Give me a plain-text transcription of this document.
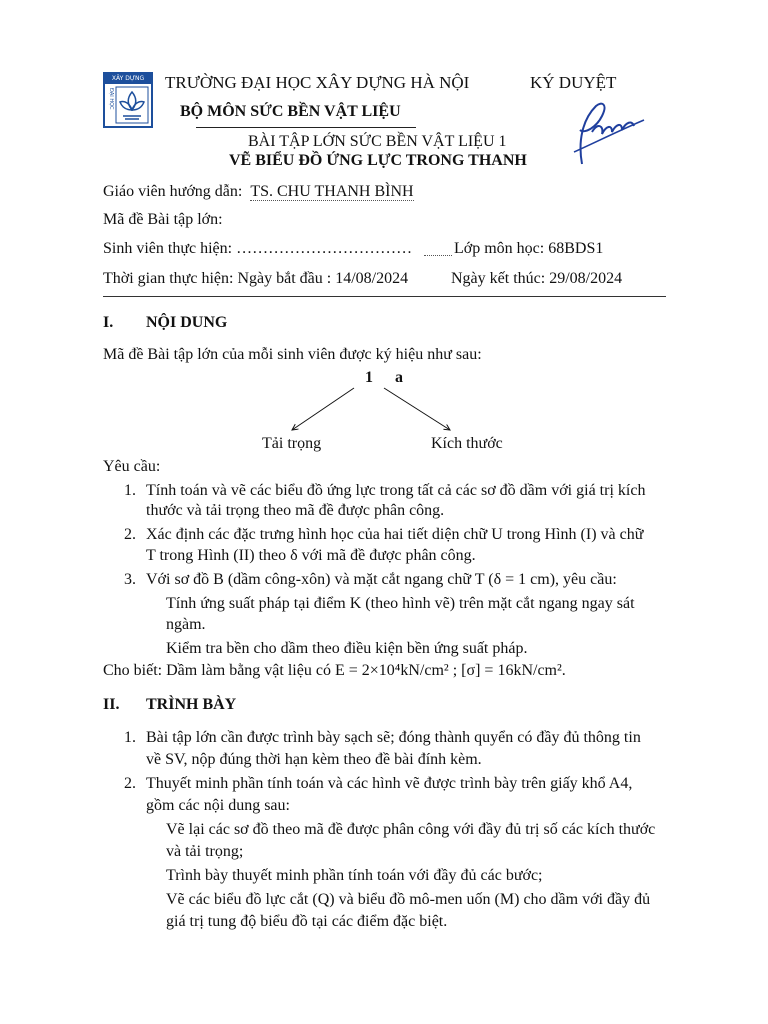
XÂY DỰNG
ĐẠI HỌC
TRƯỜNG ĐẠI HỌC XÂY DỰNG HÀ NỘI	KÝ DUYỆT
BỘ MÔN SỨC BỀN VẬT LIỆU
BÀI TẬP LỚN SỨC BỀN VẬT LIỆU 1
VẼ BIỂU ĐỒ ỨNG LỰC TRONG THANH
Giáo viên hướng dẫn: TS. CHU THANH BÌNH
Mã đề Bài tập lớn:
Sinh viên thực hiện: ……………………………	Lớp môn học: 68BDS1
Thời gian thực hiện: Ngày bắt đầu : 14/08/2024	Ngày kết thúc: 29/08/2024
I. NỘI DUNG
Mã đề Bài tập lớn của mỗi sinh viên được ký hiệu như sau:
1 a
Tải trọng	Kích thước
Yêu cầu:
1. Tính toán và vẽ các biểu đồ ứng lực trong tất cả các sơ đồ dầm với giá trị kích
thước và tải trọng theo mã đề được phân công.
2. Xác định các đặc trưng hình học của hai tiết diện chữ U trong Hình (I) và chữ
T trong Hình (II) theo δ với mã đề được phân công.
3. Với sơ đồ B (dầm công-xôn) và mặt cắt ngang chữ T (δ = 1 cm), yêu cầu:
Tính ứng suất pháp tại điểm K (theo hình vẽ) trên mặt cắt ngang ngay sát
ngàm.
Kiểm tra bền cho dầm theo điều kiện bền ứng suất pháp.
Cho biết: Dầm làm bằng vật liệu có E = 2×10⁴kN/cm² ; [σ] = 16kN/cm².
II. TRÌNH BÀY
1. Bài tập lớn cần được trình bày sạch sẽ; đóng thành quyển có đầy đủ thông tin
về SV, nộp đúng thời hạn kèm theo đề bài đính kèm.
2. Thuyết minh phần tính toán và các hình vẽ được trình bày trên giấy khổ A4,
gồm các nội dung sau:
Vẽ lại các sơ đồ theo mã đề được phân công với đầy đủ trị số các kích thước
và tải trọng;
Trình bày thuyết minh phần tính toán với đầy đủ các bước;
Vẽ các biểu đồ lực cắt (Q) và biểu đồ mô-men uốn (M) cho dầm với đầy đủ
giá trị tung độ biểu đồ tại các điểm đặc biệt.
